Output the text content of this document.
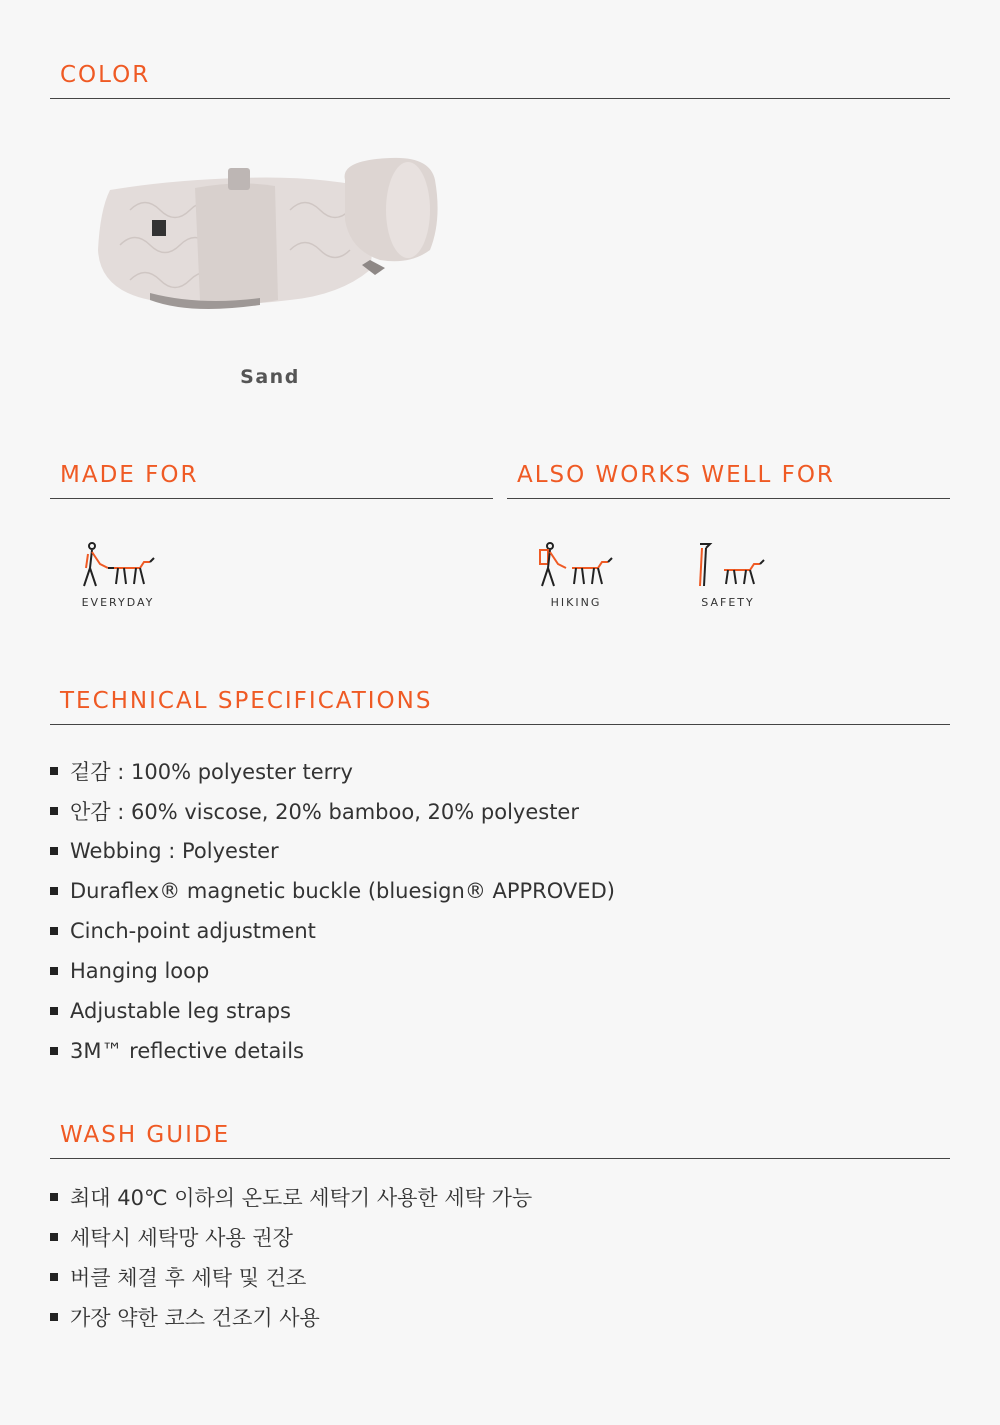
COLOR
Sand
MADE FOR	ALSO WORKS WELL FOR
EVERYDAY	HIKING	SAFETY
TECHNICAL SPECIFICATIONS
겉감 : 100% polyester terry
안감 : 60% viscose, 20% bamboo, 20% polyester
Webbing : Polyester
Duraflex® magnetic buckle (bluesign® APPROVED)
Cinch-point adjustment
Hanging loop
Adjustable leg straps
3M™ reflective details
WASH GUIDE
최대 40℃ 이하의 온도로 세탁기 사용한 세탁 가능
세탁시 세탁망 사용 권장
버클 체결 후 세탁 및 건조
가장 약한 코스 건조기 사용
